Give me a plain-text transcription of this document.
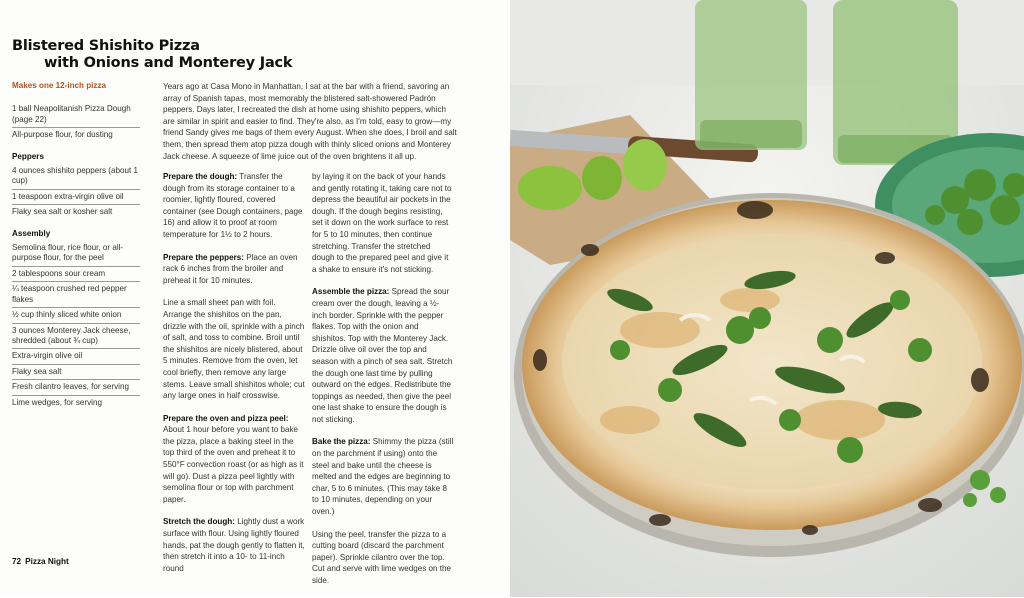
Blistered Shishito Pizza
with Onions and Monterey Jack
Makes one 12-inch pizza
1 ball Neapolitanish Pizza Dough (page 22)
All-purpose flour, for dusting
Peppers
4 ounces shishito peppers (about 1 cup)
1 teaspoon extra-virgin olive oil
Flaky sea salt or kosher salt
Assembly
Semolina flour, rice flour, or all-purpose flour, for the peel
2 tablespoons sour cream
¼ teaspoon crushed red pepper flakes
½ cup thinly sliced white onion
3 ounces Monterey Jack cheese, shredded (about ¾ cup)
Extra-virgin olive oil
Flaky sea salt
Fresh cilantro leaves, for serving
Lime wedges, for serving
Years ago at Casa Mono in Manhattan, I sat at the bar with a friend, savoring an array of Spanish tapas, most memorably the blistered salt-showered Padrón peppers. Days later, I recreated the dish at home using shishito peppers, which are similar in spirit and easier to find. They're also, as I'm told, easy to grow—my friend Sandy gives me bags of them every August. When she does, I broil and salt them, then spread them atop pizza dough with thinly sliced onions and Monterey Jack cheese. A squeeze of lime juice out of the oven brightens it all up.

Prepare the dough: Transfer the dough from its storage container to a roomier, lightly floured, covered container (see Dough containers, page 16) and allow it to proof at room temperature for 1½ to 2 hours.

Prepare the peppers: Place an oven rack 6 inches from the broiler and preheat it for 10 minutes.

Line a small sheet pan with foil. Arrange the shishitos on the pan, drizzle with the oil, sprinkle with a pinch of salt, and toss to combine. Broil until the shishitos are nicely blistered, about 5 minutes. Remove from the oven, let cool briefly, then remove any large stems. Leave small shishitos whole; cut any large ones in half crosswise.

Prepare the oven and pizza peel: About 1 hour before you want to bake the pizza, place a baking steel in the top third of the oven and preheat it to 550°F convection roast (or as high as it will go). Dust a pizza peel lightly with semolina flour or top with parchment paper.

Stretch the dough: Lightly dust a work surface with flour. Using lightly floured hands, pat the dough gently to flatten it, then stretch it into a 10- to 11-inch round

by laying it on the back of your hands and gently rotating it, taking care not to depress the beautiful air pockets in the dough. If the dough begins resisting, set it down on the work surface to rest for 5 to 10 minutes, then continue stretching. Transfer the stretched dough to the prepared peel and give it a shake to ensure it's not sticking.

Assemble the pizza: Spread the sour cream over the dough, leaving a ½-inch border. Sprinkle with the pepper flakes. Top with the onion and shishitos. Top with the Monterey Jack. Drizzle olive oil over the top and season with a pinch of sea salt. Stretch the dough one last time by pulling outward on the edges. Redistribute the toppings as needed, then give the peel one last shake to ensure the dough is not sticking.

Bake the pizza: Shimmy the pizza (still on the parchment if using) onto the steel and bake until the cheese is melted and the edges are beginning to char, 5 to 6 minutes. (This may take 8 to 10 minutes, depending on your oven.)

Using the peel, transfer the pizza to a cutting board (discard the parchment paper). Sprinkle cilantro over the top. Cut and serve with lime wedges on the side.

72 Pizza Night
